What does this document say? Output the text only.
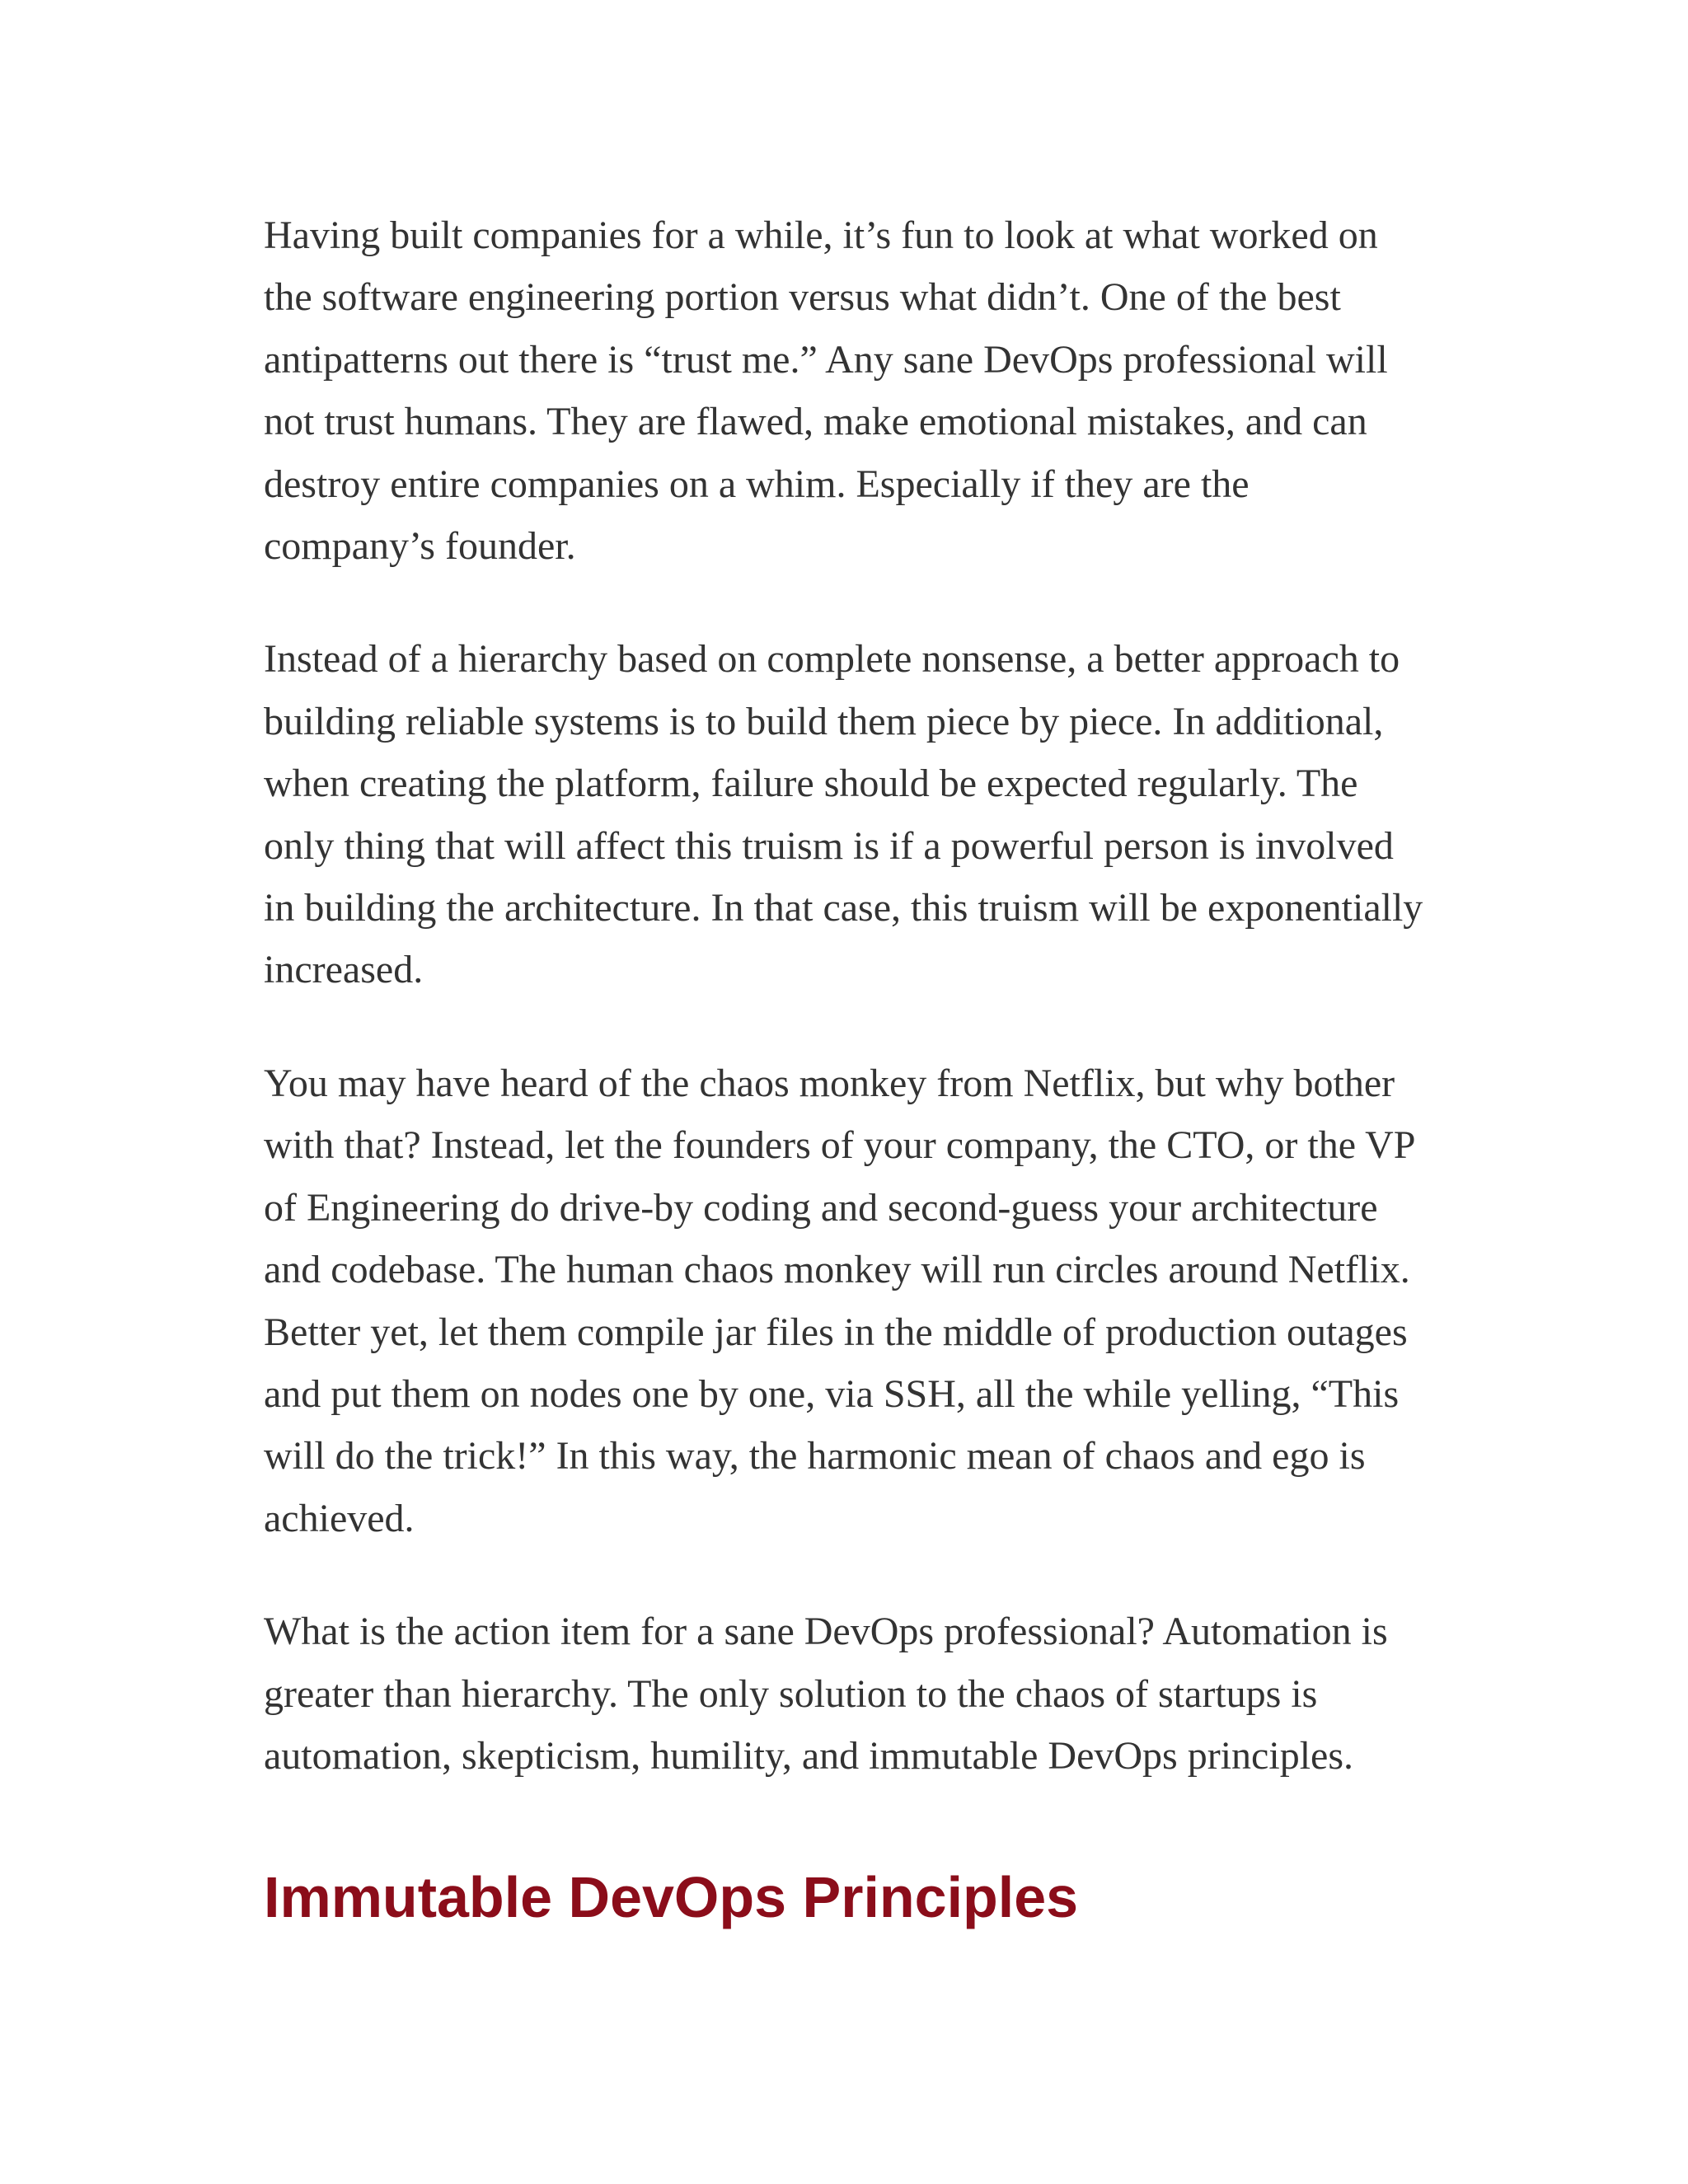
Having built companies for a while, it’s fun to look at what worked on the software engineering portion versus what didn’t. One of the best antipatterns out there is “trust me.” Any sane DevOps professional will not trust humans. They are flawed, make emotional mistakes, and can destroy entire companies on a whim. Especially if they are the company’s founder.

Instead of a hierarchy based on complete nonsense, a better approach to building reliable systems is to build them piece by piece. In additional, when creating the platform, failure should be expected regularly. The only thing that will affect this truism is if a powerful person is involved in building the architecture. In that case, this truism will be exponentially increased.

You may have heard of the chaos monkey from Netflix, but why bother with that? Instead, let the founders of your company, the CTO, or the VP of Engineering do drive-by coding and second-guess your architecture and codebase. The human chaos monkey will run circles around Netflix. Better yet, let them compile jar files in the middle of production outages and put them on nodes one by one, via SSH, all the while yelling, “This will do the trick!” In this way, the harmonic mean of chaos and ego is achieved.

What is the action item for a sane DevOps professional? Automation is greater than hierarchy. The only solution to the chaos of startups is automation, skepticism, humility, and immutable DevOps principles.

Immutable DevOps Principles
